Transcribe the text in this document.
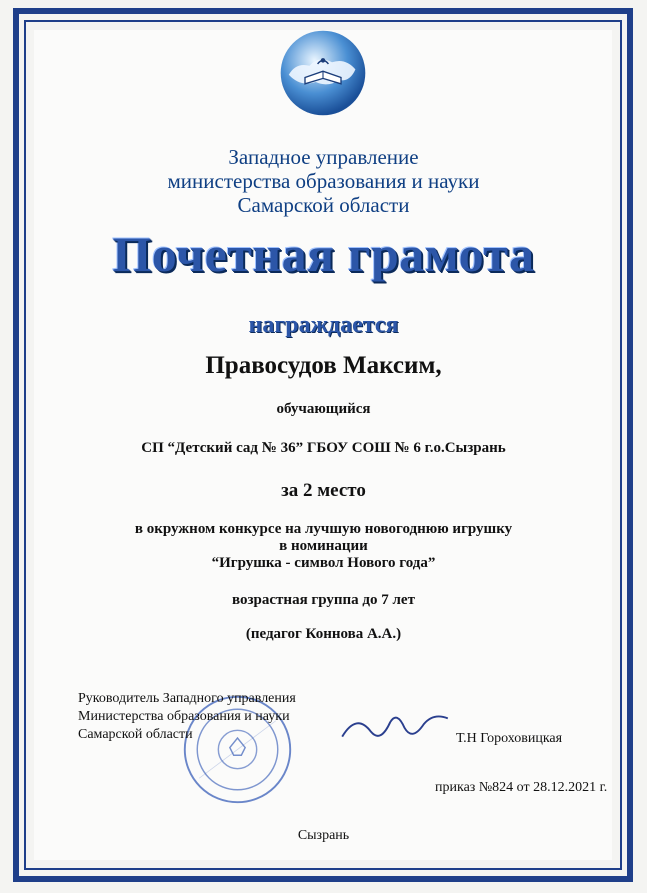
Западное управление
министерства образования и науки
Самарской области
Почетная грамота
награждается
Правосудов Максим,
обучающийся
СП “Детский сад № 36” ГБОУ СОШ № 6 г.о.Сызрань
за 2 место
в окружном конкурсе на лучшую новогоднюю игрушку
в номинации
“Игрушка - символ Нового года”
возрастная группа до 7 лет
(педагог Коннова А.А.)
Руководитель Западного управления
Министерства образования и науки
Самарской области	Т.Н Гороховицкая
приказ №824 от 28.12.2021 г.
Сызрань
